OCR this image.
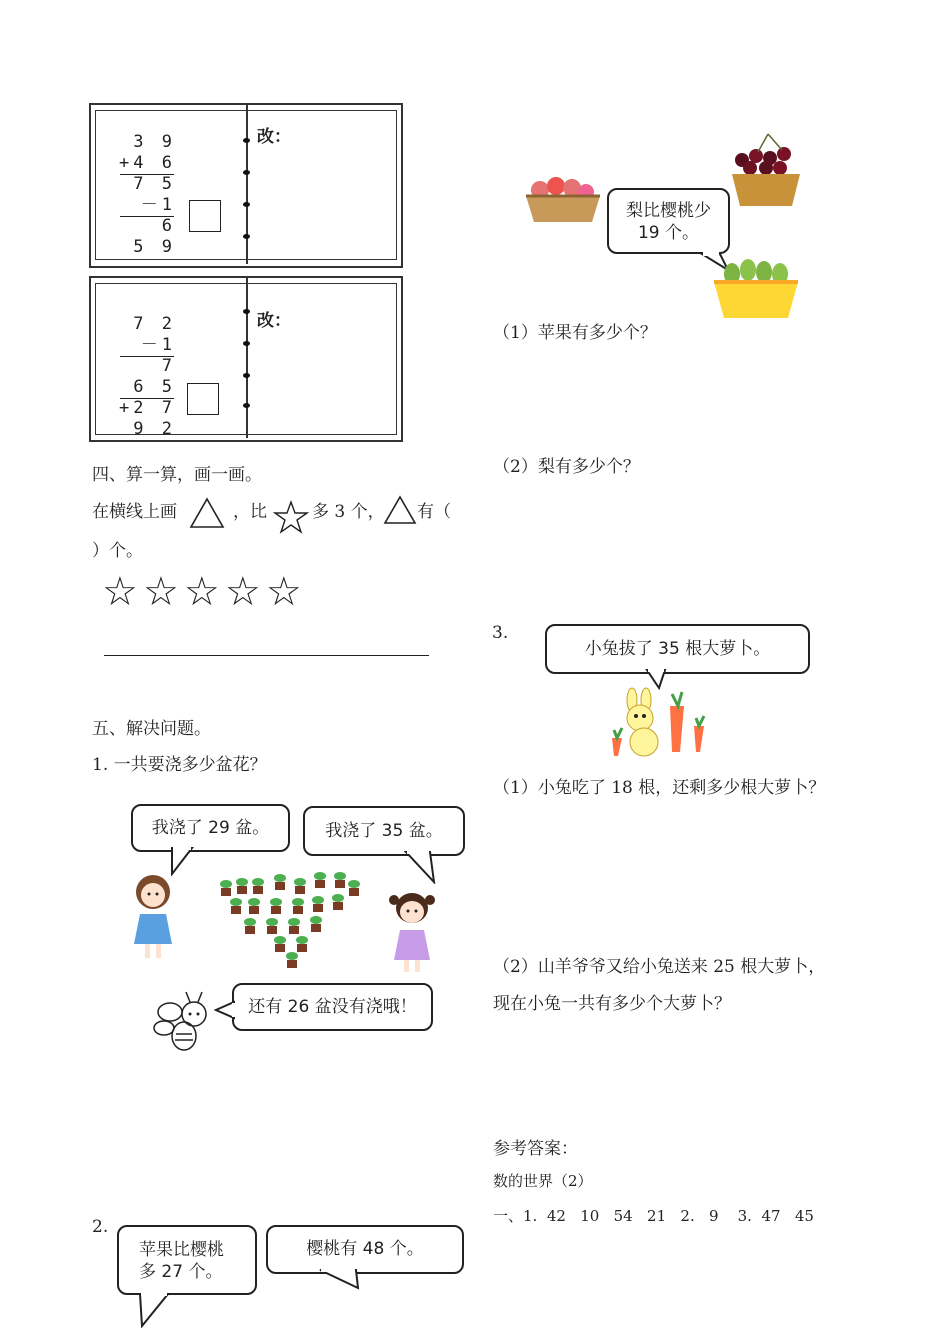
3 9
+4 6
7 5
－1 6
5 9
改：
7 2
－1 7
6 5
+2 7
9 2
改：
四、算一算，画一画。
在横线上画	，比	多 3 个， 有（
）个。
☆ ☆ ☆ ☆ ☆
五、解决问题。
1. 一共要浇多少盆花？
我浇了 29 盆。	我浇了 35 盆。
还有 26 盆没有浇哦！
2.
苹果比樱桃多 27 个。
樱桃有 48 个。
梨比樱桃少 19 个。
（1）苹果有多少个？
（2）梨有多少个？
3.
小兔拔了 35 根大萝卜。
（1）小兔吃了 18 根，还剩多少根大萝卜？
（2）山羊爷爷又给小兔送来 25 根大萝卜，
现在小兔一共有多少个大萝卜？
参考答案：
数的世界（2）
一、1.  42   10   54   21   2.   9    3.  47   45
